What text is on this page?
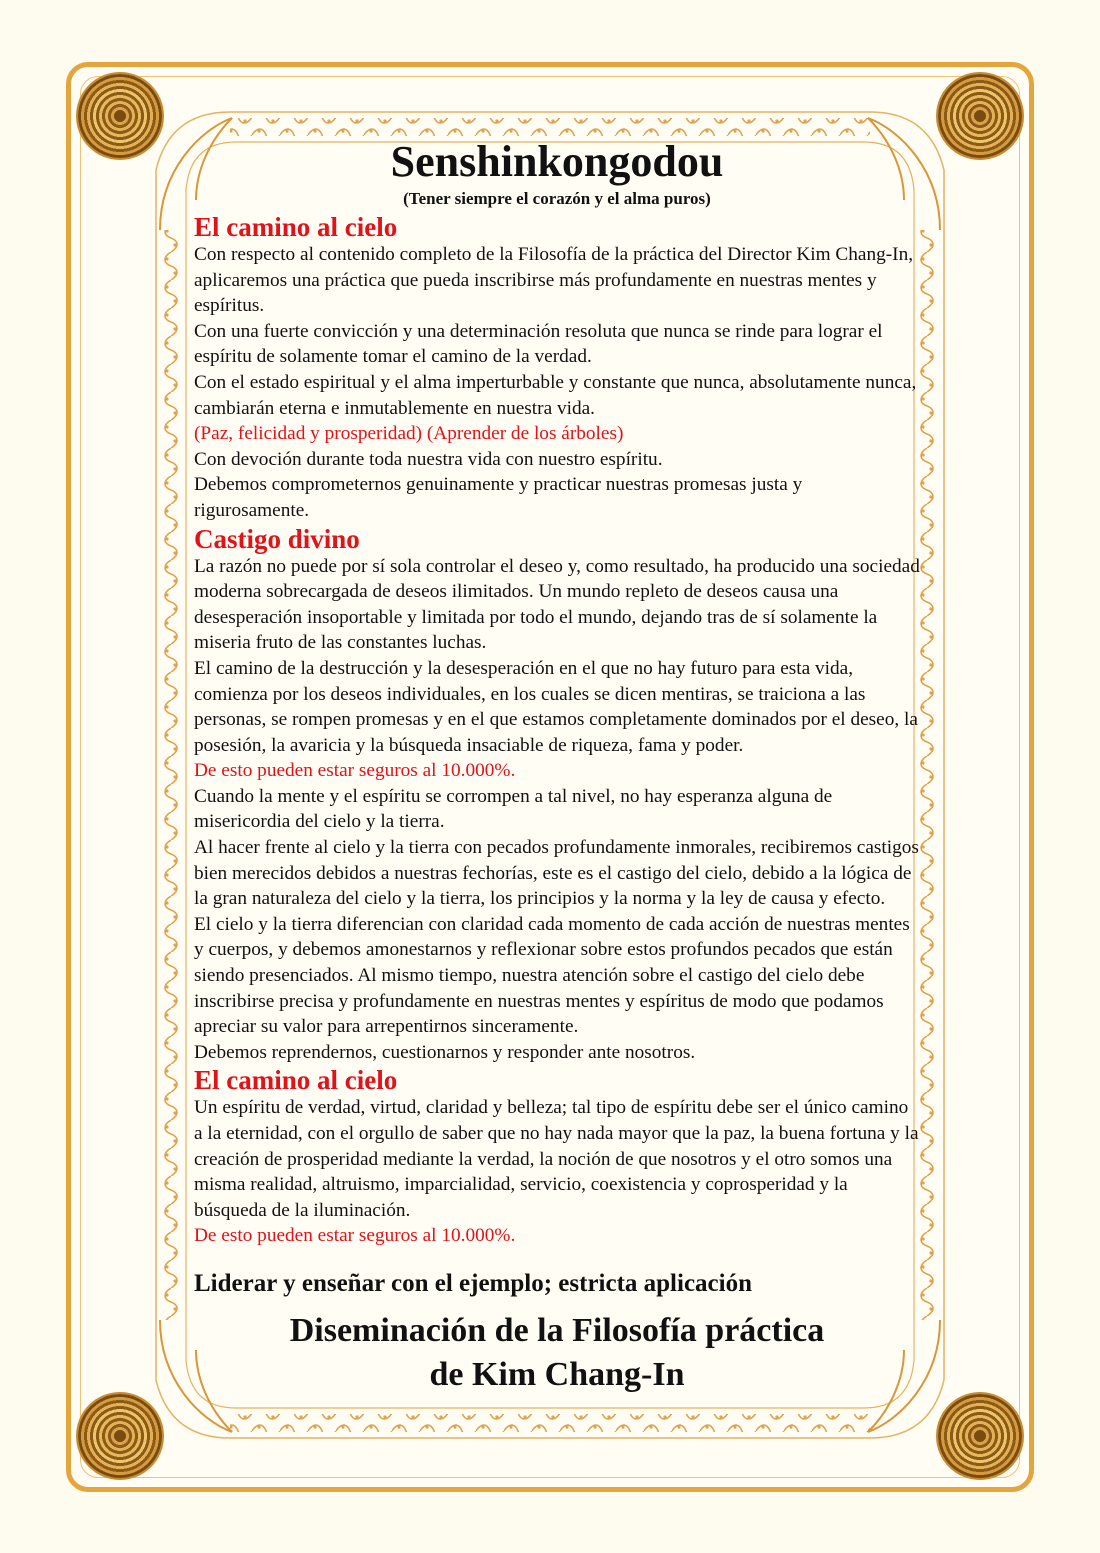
Senshinkongodou

(Tener siempre el corazón y el alma puros)

El camino al cielo

Con respecto al contenido completo de la Filosofía de la práctica del Director Kim Chang-In, aplicaremos una práctica que pueda inscribirse más profundamente en nuestras mentes y espíritus.

Con una fuerte convicción y una determinación resoluta que nunca se rinde para lograr el espíritu de solamente tomar el camino de la verdad.

Con el estado espiritual y el alma imperturbable y constante que nunca, absolutamente nunca, cambiarán eterna e inmutablemente en nuestra vida.

(Paz, felicidad y prosperidad) (Aprender de los árboles)

Con devoción durante toda nuestra vida con nuestro espíritu.

Debemos comprometernos genuinamente y practicar nuestras promesas justa y rigurosamente.

Castigo divino

La razón no puede por sí sola controlar el deseo y, como resultado, ha producido una sociedad moderna sobrecargada de deseos ilimitados. Un mundo repleto de deseos causa una desesperación insoportable y limitada por todo el mundo, dejando tras de sí solamente la miseria fruto de las constantes luchas.

El camino de la destrucción y la desesperación en el que no hay futuro para esta vida, comienza por los deseos individuales, en los cuales se dicen mentiras, se traiciona a las personas, se rompen promesas y en el que estamos completamente dominados por el deseo, la posesión, la avaricia y la búsqueda insaciable de riqueza, fama y poder.

De esto pueden estar seguros al 10.000%.

Cuando la mente y el espíritu se corrompen a tal nivel, no hay esperanza alguna de misericordia del cielo y la tierra.

Al hacer frente al cielo y la tierra con pecados profundamente inmorales, recibiremos castigos bien merecidos debidos a nuestras fechorías, este es el castigo del cielo, debido a la lógica de la gran naturaleza del cielo y la tierra, los principios y la norma y la ley de causa y efecto.

El cielo y la tierra diferencian con claridad cada momento de cada acción de nuestras mentes y cuerpos, y debemos amonestarnos y reflexionar sobre estos profundos pecados que están siendo presenciados. Al mismo tiempo, nuestra atención sobre el castigo del cielo debe inscribirse precisa y profundamente en nuestras mentes y espíritus de modo que podamos apreciar su valor para arrepentirnos sinceramente.

Debemos reprendernos, cuestionarnos y responder ante nosotros.

El camino al cielo

Un espíritu de verdad, virtud, claridad y belleza; tal tipo de espíritu debe ser el único camino a la eternidad, con el orgullo de saber que no hay nada mayor que la paz, la buena fortuna y la creación de prosperidad mediante la verdad, la noción de que nosotros y el otro somos una misma realidad, altruismo, imparcialidad, servicio, coexistencia y coprosperidad y la búsqueda de la iluminación.

De esto pueden estar seguros al 10.000%.

Liderar y enseñar con el ejemplo; estricta aplicación

Diseminación de la Filosofía práctica
de Kim Chang-In
